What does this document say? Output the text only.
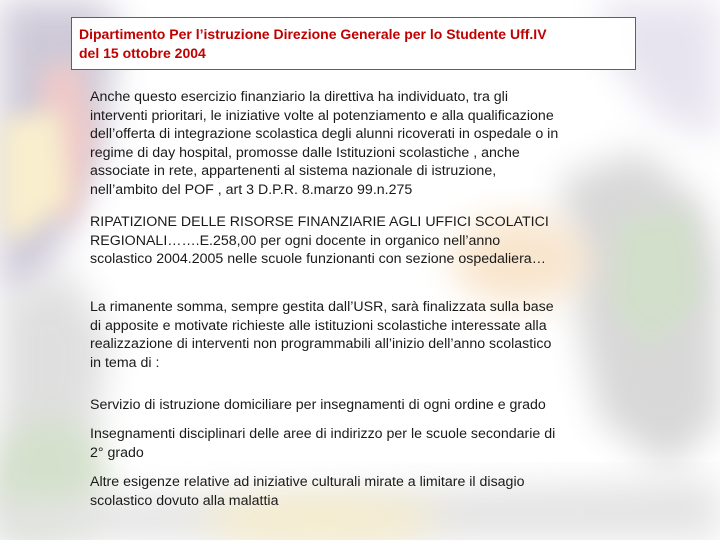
Dipartimento Per l’istruzione Direzione Generale per lo Studente Uff.IV
del 15 ottobre 2004
Anche questo esercizio finanziario la direttiva ha individuato, tra gli
interventi prioritari, le iniziative volte al potenziamento e alla qualificazione
dell’offerta di integrazione scolastica degli alunni ricoverati in ospedale o in
regime di day hospital, promosse dalle Istituzioni scolastiche , anche
associate in rete, appartenenti al sistema nazionale di istruzione,
nell’ambito del POF , art 3 D.P.R. 8.marzo 99.n.275
RIPATIZIONE DELLE RISORSE FINANZIARIE AGLI UFFICI SCOLATICI
REGIONALI…….E.258,00 per ogni docente in organico nell’anno
scolastico 2004.2005 nelle scuole funzionanti con sezione ospedaliera…
La rimanente somma, sempre gestita dall’USR, sarà finalizzata sulla base
di apposite e motivate richieste alle istituzioni scolastiche interessate alla
realizzazione di interventi non programmabili all’inizio dell’anno scolastico
in tema di :
Servizio di istruzione domiciliare per insegnamenti di ogni ordine e grado
Insegnamenti disciplinari delle aree di indirizzo per le scuole secondarie di
2° grado
Altre esigenze relative ad iniziative culturali mirate a limitare il disagio
scolastico dovuto alla malattia
